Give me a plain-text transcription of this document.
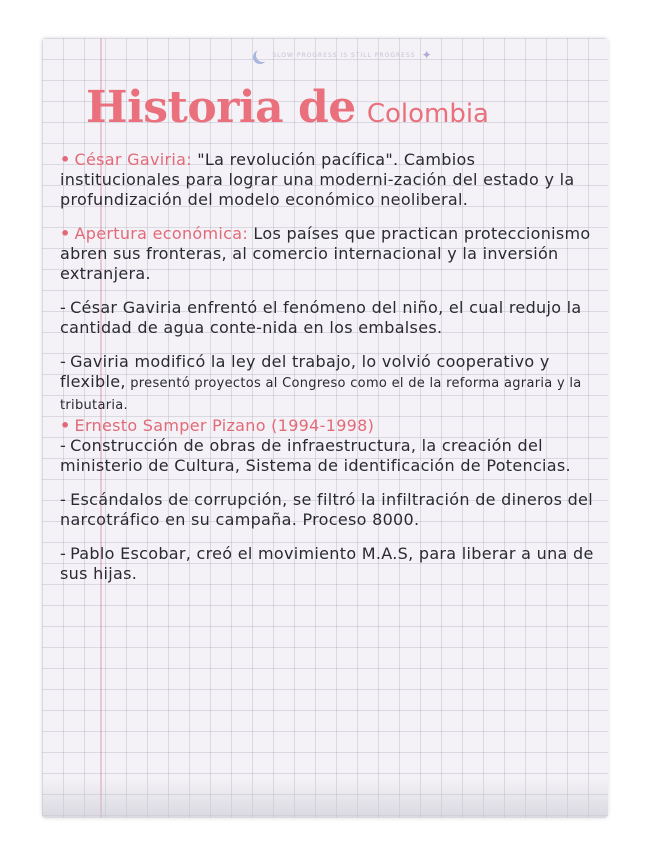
SLOW PROGRESS IS STILL PROGRESS ✦
Historia de Colombia
• César Gaviria: "La revolución pacífica". Cambios institucionales para lograr una moderni-zación del estado y la profundización del modelo económico neoliberal.
• Apertura económica: Los países que practican proteccionismo abren sus fronteras, al comercio internacional y la inversión extranjera.
- César Gaviria enfrentó el fenómeno del niño, el cual redujo la cantidad de agua conte-nida en los embalses.
- Gaviria modificó la ley del trabajo, lo volvió cooperativo y flexible, presentó proyectos al Congreso como el de la reforma agraria y la tributaria.
• Ernesto Samper Pizano (1994-1998)
- Construcción de obras de infraestructura, la creación del ministerio de Cultura, Sistema de identificación de Potencias.
- Escándalos de corrupción, se filtró la infiltración de dineros del narcotráfico en su campaña. Proceso 8000.
- Pablo Escobar, creó el movimiento M.A.S, para liberar a una de sus hijas.
